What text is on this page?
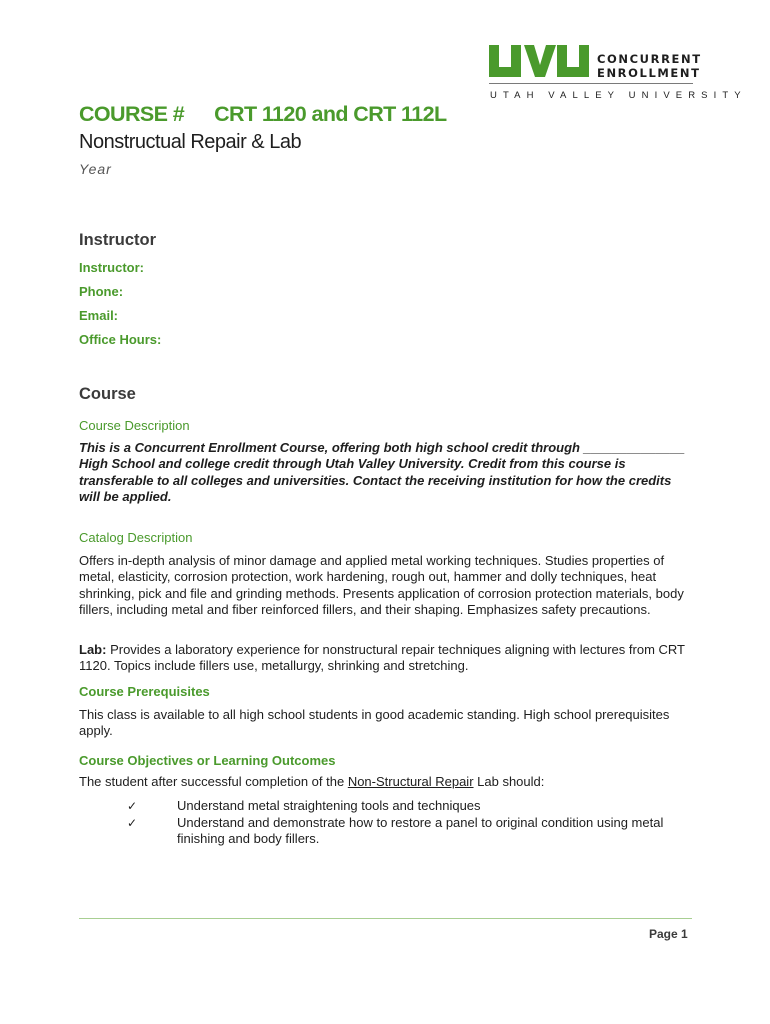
CONCURRENT
ENROLLMENT
UTAH VALLEY UNIVERSITY
COURSE # CRT 1120 and CRT 112L
Nonstructual Repair & Lab
Year
Instructor
Instructor:
Phone:
Email:
Office Hours:
Course
Course Description
This is a Concurrent Enrollment Course, offering both high school credit through ______________ High School and college credit through Utah Valley University. Credit from this course is transferable to all colleges and universities. Contact the receiving institution for how the credits will be applied.
Catalog Description
Offers in-depth analysis of minor damage and applied metal working techniques. Studies properties of metal, elasticity, corrosion protection, work hardening, rough out, hammer and dolly techniques, heat shrinking, pick and file and grinding methods. Presents application of corrosion protection materials, body fillers, including metal and fiber reinforced fillers, and their shaping. Emphasizes safety precautions.
Lab: Provides a laboratory experience for nonstructural repair techniques aligning with lectures from CRT 1120. Topics include fillers use, metallurgy, shrinking and stretching.
Course Prerequisites
This class is available to all high school students in good academic standing. High school prerequisites apply.
Course Objectives or Learning Outcomes
The student after successful completion of the Non-Structural Repair Lab should:
✓	Understand metal straightening tools and techniques
✓	Understand and demonstrate how to restore a panel to original condition using metal finishing and body fillers.
Page 1
